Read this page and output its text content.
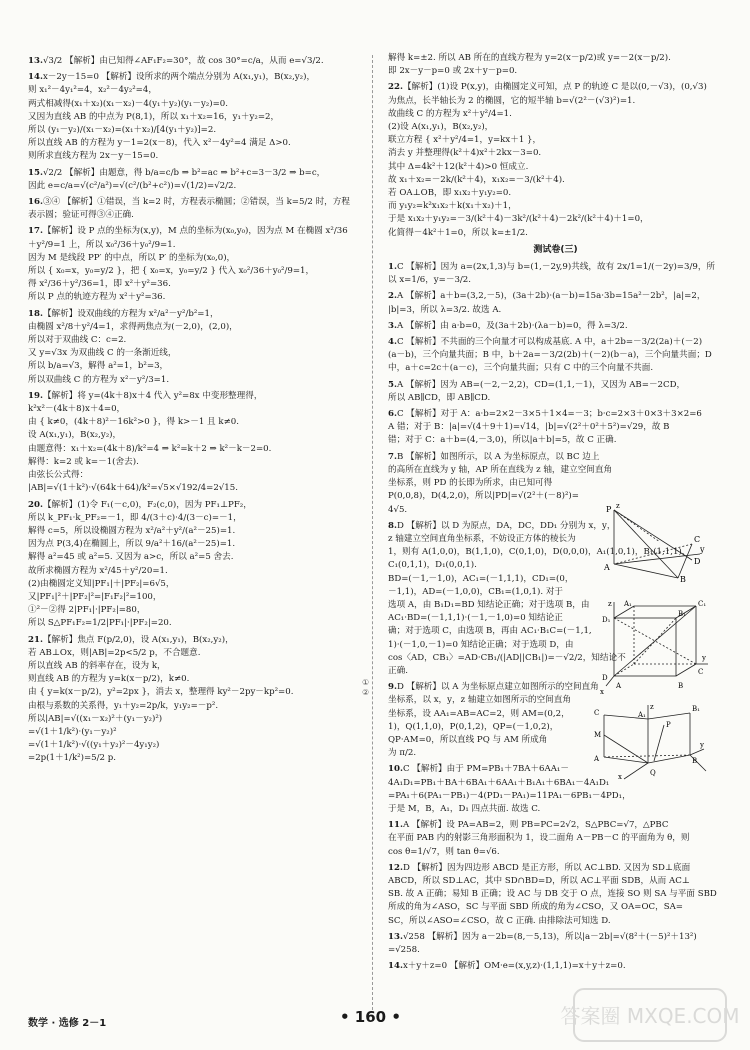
13.√3/2 【解析】由已知得∠AF₁F₂=30°，故 cos 30°=c/a，从而 e=√3/2.
14.x－2y－15=0 【解析】设所求的两个端点分别为 A(x₁,y₁)，B(x₂,y₂)，
则 x₁²－4y₁²=4，x₂²－4y₂²=4，
两式相减得(x₁＋x₂)(x₁－x₂)－4(y₁＋y₂)(y₁－y₂)=0.
又因为直线 AB 的中点为 P(8,1)，所以 x₁＋x₂=16，y₁＋y₂=2，
所以 (y₁－y₂)/(x₁－x₂)=(x₁＋x₂)/[4(y₁＋y₂)]=2.
所以直线 AB 的方程为 y－1=2(x－8)，代入 x²－4y²=4 满足 Δ>0.
则所求直线方程为 2x－y－15=0.
15.√2/2 【解析】由题意，得 b/a=c/b ⇒ b²=ac ⇒ b²+c=3－3/2 ⇒ b=c，
因此 e=c/a=√(c²/a²)=√(c²/(b²+c²))=√(1/2)=√2/2.
16.③④ 【解析】①错误，当 k=2 时，方程表示椭圆；②错误，当 k=5/2 时，方程
表示圆；验证可得③④正确.
17.【解析】设 P 点的坐标为(x,y)，M 点的坐标为(x₀,y₀)，因为点 M 在椭圆 x²/36
＋y²/9=1 上，所以 x₀²/36＋y₀²/9=1.
因为 M 是线段 PP′ 的中点，所以 P′ 的坐标为(x₀,0)，
所以 { x₀=x，y₀=y/2 }，把 { x₀=x，y₀=y/2 } 代入 x₀²/36＋y₀²/9=1，
得 x²/36＋y²/36=1，即 x²＋y²=36.
所以 P 点的轨迹方程为 x²＋y²=36.
18.【解析】设双曲线的方程为 x²/a²－y²/b²=1，
由椭圆 x²/8＋y²/4=1，求得两焦点为(－2,0)，(2,0)，
所以对于双曲线 C：c=2.
又 y=√3x 为双曲线 C 的一条渐近线，
所以 b/a=√3，解得 a²=1，b²=3，
所以双曲线 C 的方程为 x²－y²/3=1.
19.【解析】将 y=(4k＋8)x＋4 代入 y²=8x 中变形整理得，
k²x²－(4k＋8)x＋4=0，
由 { k≠0，(4k＋8)²－16k²>0 }，得 k>－1 且 k≠0.
设 A(x₁,y₁)，B(x₂,y₂)，
由题意得：x₁＋x₂=(4k＋8)/k²=4 ⇒ k²=k＋2 ⇒ k²－k－2=0.
解得：k=2 或 k=－1(舍去).
由弦长公式得：
|AB|=√(1＋k²)·√(64k＋64)/k²=√5×√192/4=2√15.
20.【解析】(1)令 F₁(－c,0)，F₂(c,0)，因为 PF₁⊥PF₂，
所以 k_PF₁·k_PF₂=－1，即 4/(3＋c)·4/(3－c)=－1，
解得 c=5，所以设椭圆方程为 x²/a²＋y²/(a²－25)=1.
因为点 P(3,4)在椭圆上，所以 9/a²＋16/(a²－25)=1.
解得 a²=45 或 a²=5. 又因为 a>c，所以 a²=5 舍去.
故所求椭圆方程为 x²/45＋y²/20=1.
(2)由椭圆定义知|PF₁|＋|PF₂|=6√5，
又|PF₁|²＋|PF₂|²=|F₁F₂|²=100，
①²－②得 2|PF₁|·|PF₂|=80，
所以 S△PF₁F₂=1/2|PF₁|·|PF₂|=20.
21.【解析】焦点 F(p/2,0)，设 A(x₁,y₁)，B(x₂,y₂)，
若 AB⊥Ox，则|AB|=2p<5/2 p，不合题意.
所以直线 AB 的斜率存在，设为 k，
则直线 AB 的方程为 y=k(x－p/2)，k≠0.
由 { y=k(x－p/2)，y²=2px }，消去 x，整理得 ky²－2py－kp²=0.
由根与系数的关系得，y₁＋y₂=2p/k，y₁y₂=－p².
所以|AB|=√((x₁－x₂)²＋(y₁－y₂)²)
=√(1＋1/k²)·(y₁－y₂)²
=√(1＋1/k²)·√((y₁＋y₂)²－4y₁y₂)
=2p(1＋1/k²)=5/2 p.
解得 k=±2. 所以 AB 所在的直线方程为 y=2(x－p/2)或 y=－2(x－p/2).
即 2x－y－p=0 或 2x＋y－p=0.
22.【解析】(1)设 P(x,y)，由椭圆定义可知，点 P 的轨迹 C 是以(0,－√3)，(0,√3)
为焦点，长半轴长为 2 的椭圆，它的短半轴 b=√(2²－(√3)²)=1.
故曲线 C 的方程为 x²＋y²/4=1.
(2)设 A(x₁,y₁)，B(x₂,y₂)，
联立方程 { x²＋y²/4=1，y=kx＋1 }，
消去 y 并整理得(k²＋4)x²＋2kx－3=0.
其中 Δ=4k²＋12(k²＋4)>0 恒成立.
故 x₁＋x₂=－2k/(k²＋4)，x₁x₂=－3/(k²＋4).
若 OA⊥OB，即 x₁x₂＋y₁y₂=0.
而 y₁y₂=k²x₁x₂＋k(x₁＋x₂)＋1，
于是 x₁x₂＋y₁y₂=－3/(k²＋4)－3k²/(k²＋4)－2k²/(k²＋4)＋1=0，
化简得－4k²＋1=0，所以 k=±1/2.
测试卷(三)
1.C 【解析】因为 a=(2x,1,3)与 b=(1,－2y,9)共线，故有 2x/1=1/(－2y)=3/9，所
以 x=1/6，y=－3/2.
2.A 【解析】a＋b=(3,2,－5)，(3a＋2b)·(a－b)=15a·3b=15a²－2b²，|a|=2，
|b|=3，所以 λ=3/2. 故选 A.
3.A 【解析】由 a·b=0，及(3a＋2b)·(λa－b)=0，得 λ=3/2.
4.C 【解析】不共面的三个向量才可以构成基底. A 中，a＋2b=－3/2(2a)＋(－2)
(a－b)，三个向量共面；B 中，b＋2a=－3/2(2b)＋(－2)(b－a)，三个向量共面；D
中，a＋c=2c＋(a－c)，三个向量共面；只有 C 中的三个向量不共面.
5.A 【解析】因为 AB=(－2,－2,2)，CD=(1,1,－1)，又因为 AB=－2CD，
所以 AB∥CD，即 AB∥CD.
6.C 【解析】对于 A：a·b=2×2－3×5＋1×4=－3；b·c=2×3＋0×3＋3×2=6
A 错；对于 B：|a|=√(4＋9＋1)=√14，|b|=√(2²＋0²＋5²)=√29，故 B
错；对于 C：a＋b=(4,－3,0)，所以|a＋b|=5，故 C 正确.
7.B 【解析】如图所示，以 A 为坐标原点，以 BC 边上
的高所在直线为 y 轴，AP 所在直线为 z 轴，建立空间直角
坐标系，则 PD 的长即为所求，由已知可得
P(0,0,8)，D(4,2,0)，所以|PD|=√(2²＋(－8)²)=
4√5.
8.D 【解析】以 D 为原点，DA，DC，DD₁ 分别为 x，y，
z 轴建立空间直角坐标系，不妨设正方体的棱长为
1，则有 A(1,0,0)，B(1,1,0)，C(0,1,0)，D(0,0,0)，A₁(1,0,1)，B₁(1,1,1)，
C₁(0,1,1)，D₁(0,0,1).
BD=(－1,－1,0)，AC₁=(－1,1,1)，CD₁=(0，
－1,1)，AD=(－1,0,0)，CB₁=(1,0,1). 对于
选项 A，由 B₁D₁=BD 知结论正确；对于选项 B，由
AC₁·BD=(－1,1,1)·(－1,－1,0)=0 知结论正
确；对于选项 C，由选项 B，再由 AC₁·B₁C=(－1,1,
1)·(－1,0,－1)=0 知结论正确；对于选项 D，由
cos〈AD，CB₁〉=AD·CB₁/(|AD||CB₁|)=－√2/2，知结论不
正确.
9.D 【解析】以 A 为坐标原点建立如图所示的空间直角
坐标系，以 x，y，z 轴建立如图所示的空间直角
坐标系，设 AA₁=AB=AC=2，则 AM=(0,2，
1)，Q(1,1,0)，P(0,1,2)，QP=(－1,0,2)，
QP·AM=0，所以直线 PQ 与 AM 所成角
为 π/2.
10.C 【解析】由于 PM=PB₁＋7BA＋6AA₁－
4A₁D₁=PB₁＋BA＋6BA₁＋6AA₁＋B₁A₁＋6BA₁－4A₁D₁
=PA₁＋6(PA₁－PB₁)－4(PD₁－PA₁)=11PA₁－6PB₁－4PD₁，
于是 M，B，A₁，D₁ 四点共面. 故选 C.
11.A 【解析】设 PA=AB=2，则 PB=PC=2√2，S△PBC=√7，△PBC
在平面 PAB 内的射影三角形面积为 1，设二面角 A－PB－C 的平面角为 θ，则
cos θ=1/√7，则 tan θ=√6.
12.D 【解析】因为四边形 ABCD 是正方形，所以 AC⊥BD. 又因为 SD⊥底面
ABCD，所以 SD⊥AC，其中 SD∩BD=D，所以 AC⊥平面 SDB，从而 AC⊥
SB. 故 A 正确；易知 B 正确；设 AC 与 DB 交于 O 点，连接 SO 则 SA 与平面 SBD
所成的角为∠ASO，SC 与平面 SBD 所成的角为∠CSO，又 OA=OC，SA=
SC，所以∠ASO=∠CSO，故 C 正确. 由排除法可知选 D.
13.√258 【解析】因为 a－2b=(8,－5,13)，所以|a－2b|=√(8²＋(－5)²＋13²)
=√258.
14.x＋y＋z=0 【解析】OM·e=(x,y,z)·(1,1,1)=x＋y＋z=0.
①
②
P
A
C
D
B
y
z
D₁
A₁	C₁
B₁
D
C
A	B
z
y
x
z
C	A₁
B₁
M
P
A
Q
B
y
x
数学 · 选修 2－1	• 160 •	答案圈 MXQE.COM
